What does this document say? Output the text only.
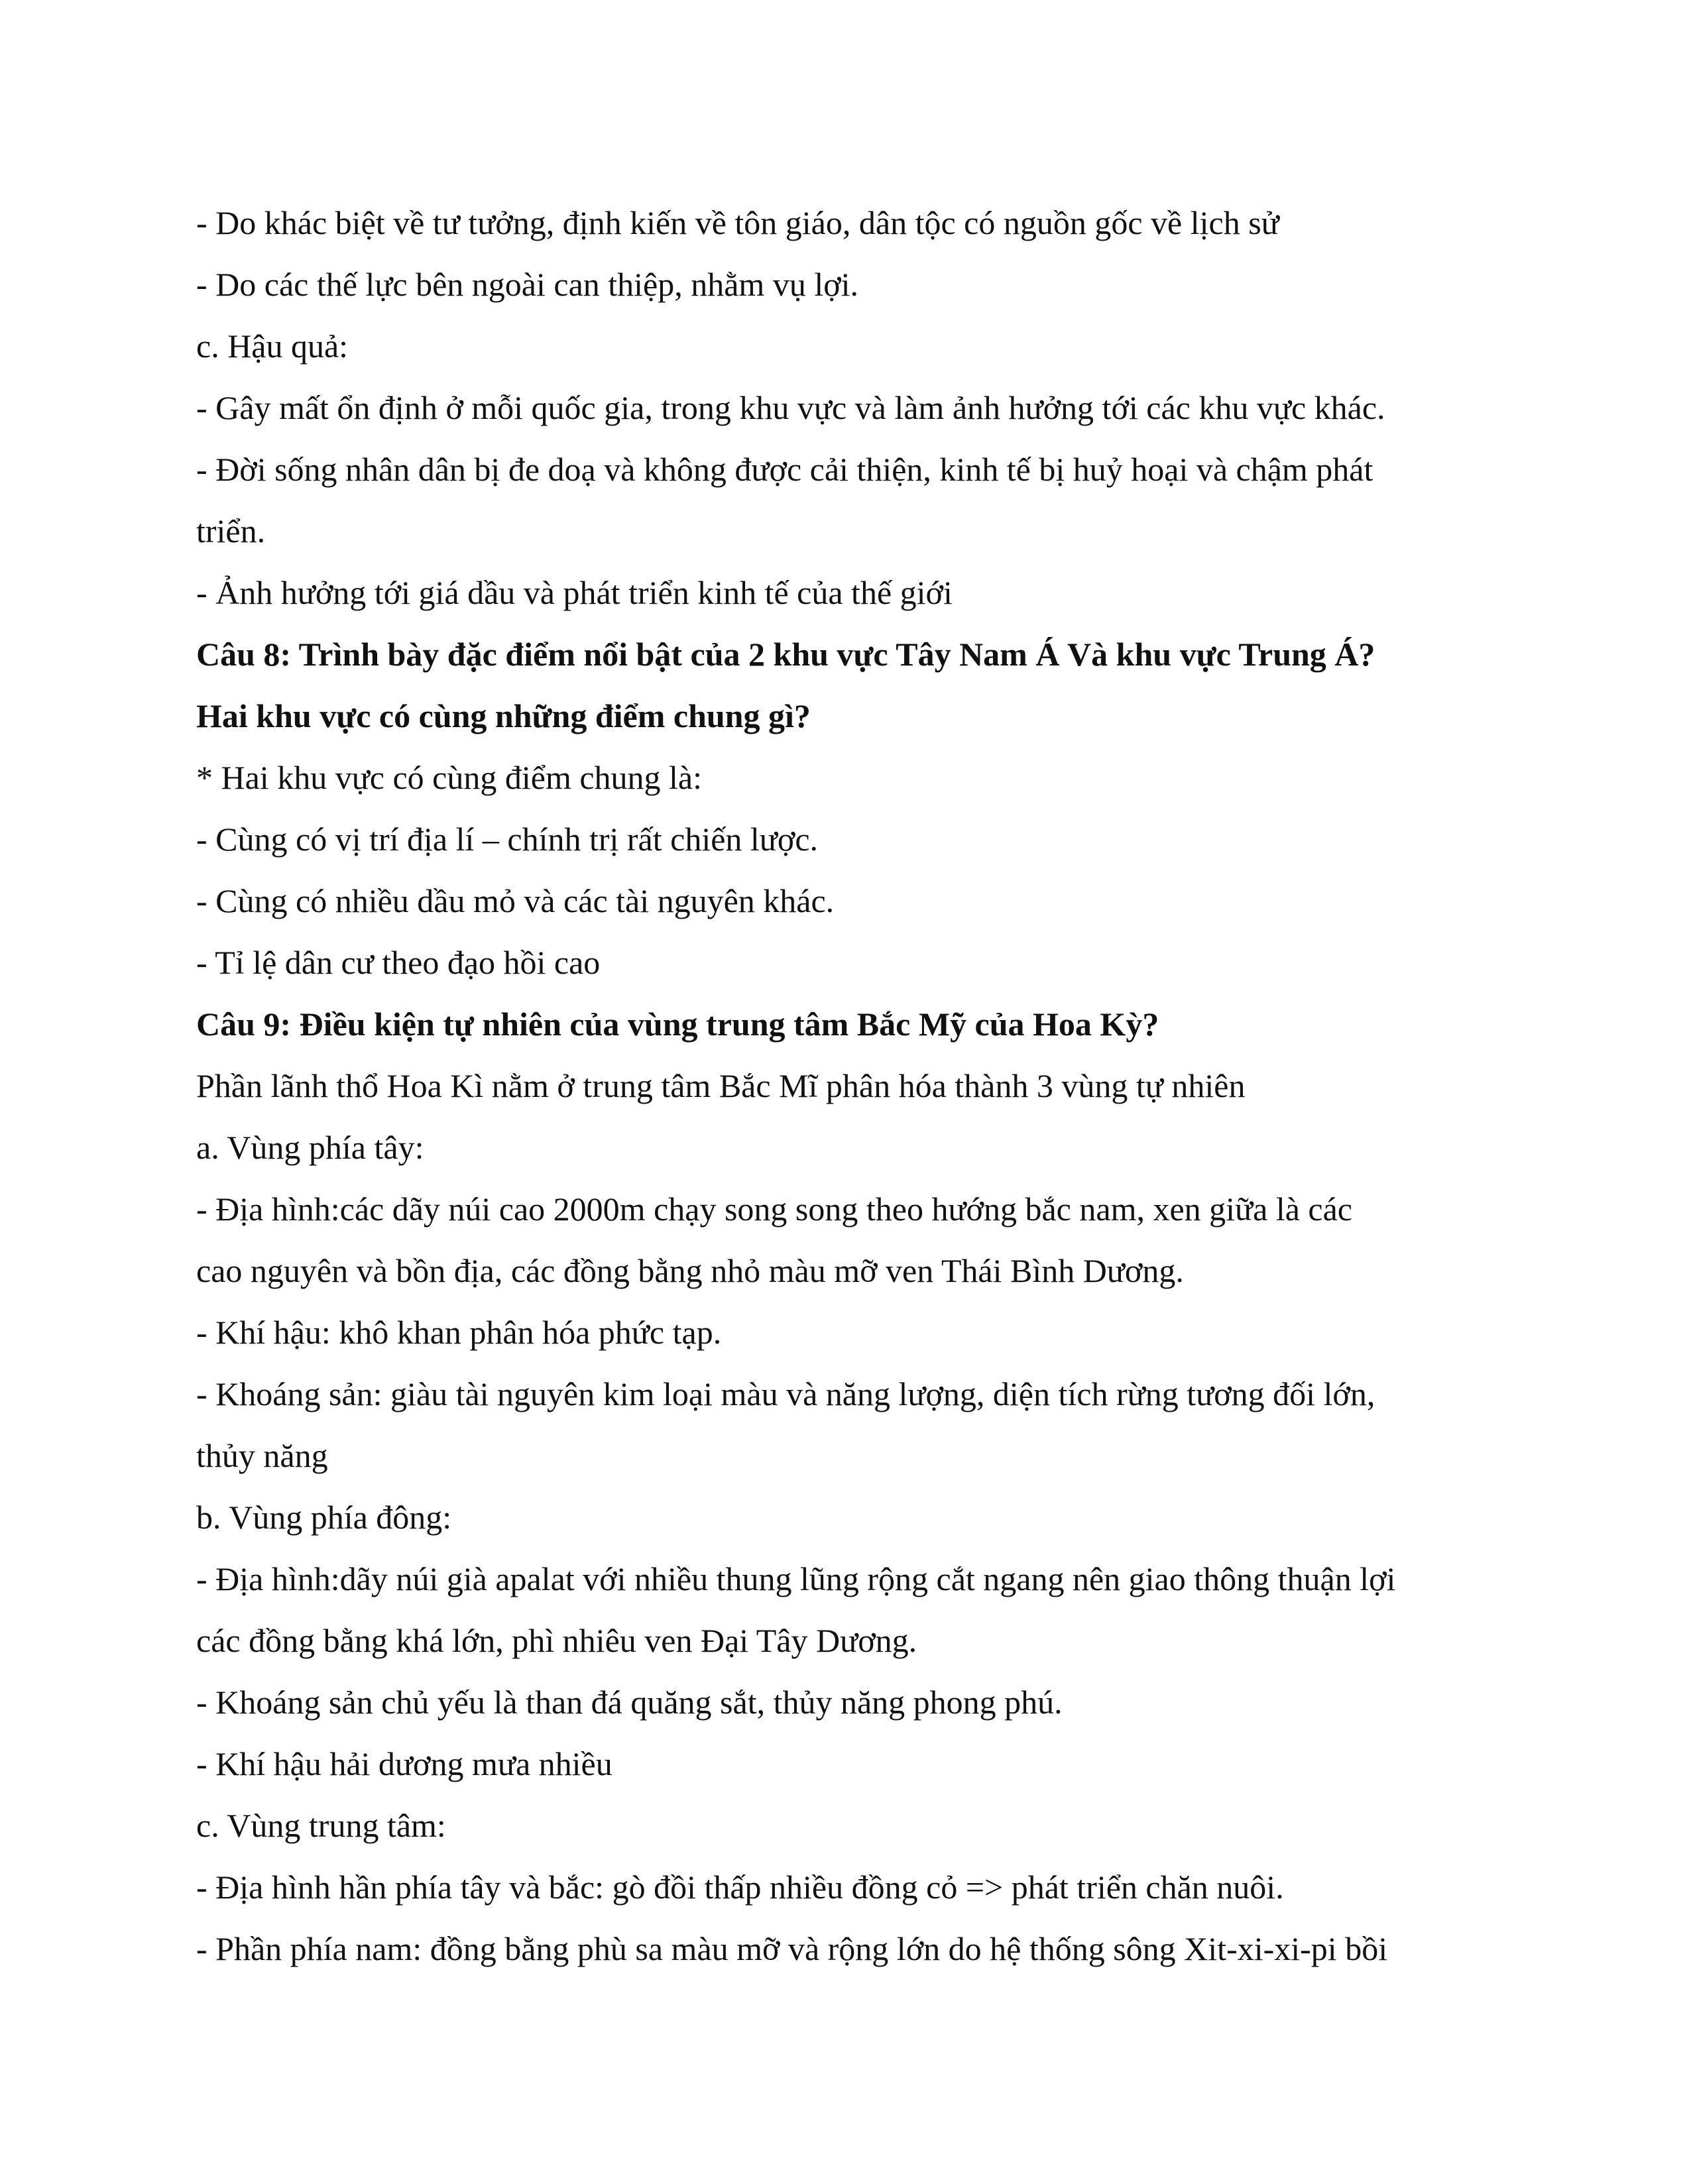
- Do khác biệt về tư tưởng, định kiến về tôn giáo, dân tộc có nguồn gốc về lịch sử

- Do các thế lực bên ngoài can thiệp, nhằm vụ lợi.

c. Hậu quả:

- Gây mất ổn định ở mỗi quốc gia, trong khu vực và làm ảnh hưởng tới các khu vực khác.

- Đời sống nhân dân bị đe doạ và không được cải thiện, kinh tế bị huỷ hoại và chậm phát

triển.

- Ảnh hưởng tới giá dầu và phát triển kinh tế của thế giới

Câu 8: Trình bày đặc điểm nổi bật của 2 khu vực Tây Nam Á Và khu vực Trung Á?

Hai khu vực có cùng những điểm chung gì?

* Hai khu vực có cùng điểm chung là:

- Cùng có vị trí địa lí – chính trị rất chiến lược.

- Cùng có nhiều dầu mỏ và các tài nguyên khác.

- Tỉ lệ dân cư theo đạo hồi cao

Câu 9: Điều kiện tự nhiên của vùng trung tâm Bắc Mỹ của Hoa Kỳ?

Phần lãnh thổ Hoa Kì nằm ở trung tâm Bắc Mĩ phân hóa thành 3 vùng tự nhiên

a. Vùng phía tây:

- Địa hình:các dãy núi cao 2000m chạy song song theo hướng bắc nam, xen giữa là các

cao nguyên và bồn địa, các đồng bằng nhỏ màu mỡ ven Thái Bình Dương.

- Khí hậu: khô khan phân hóa phức tạp.

- Khoáng sản: giàu tài nguyên kim loại màu và năng lượng, diện tích rừng tương đối lớn,

thủy năng

b. Vùng phía đông:

- Địa hình:dãy núi già apalat với nhiều thung lũng rộng cắt ngang nên giao thông thuận lợi

các đồng bằng khá lớn, phì nhiêu ven Đại Tây Dương.

- Khoáng sản chủ yếu là than đá quăng sắt, thủy năng phong phú.

- Khí hậu hải dương mưa nhiều

c. Vùng trung tâm:

- Địa hình hần phía tây và bắc: gò đồi thấp nhiều đồng cỏ => phát triển chăn nuôi.

- Phần phía nam: đồng bằng phù sa màu mỡ và rộng lớn do hệ thống sông Xit-xi-xi-pi bồi
